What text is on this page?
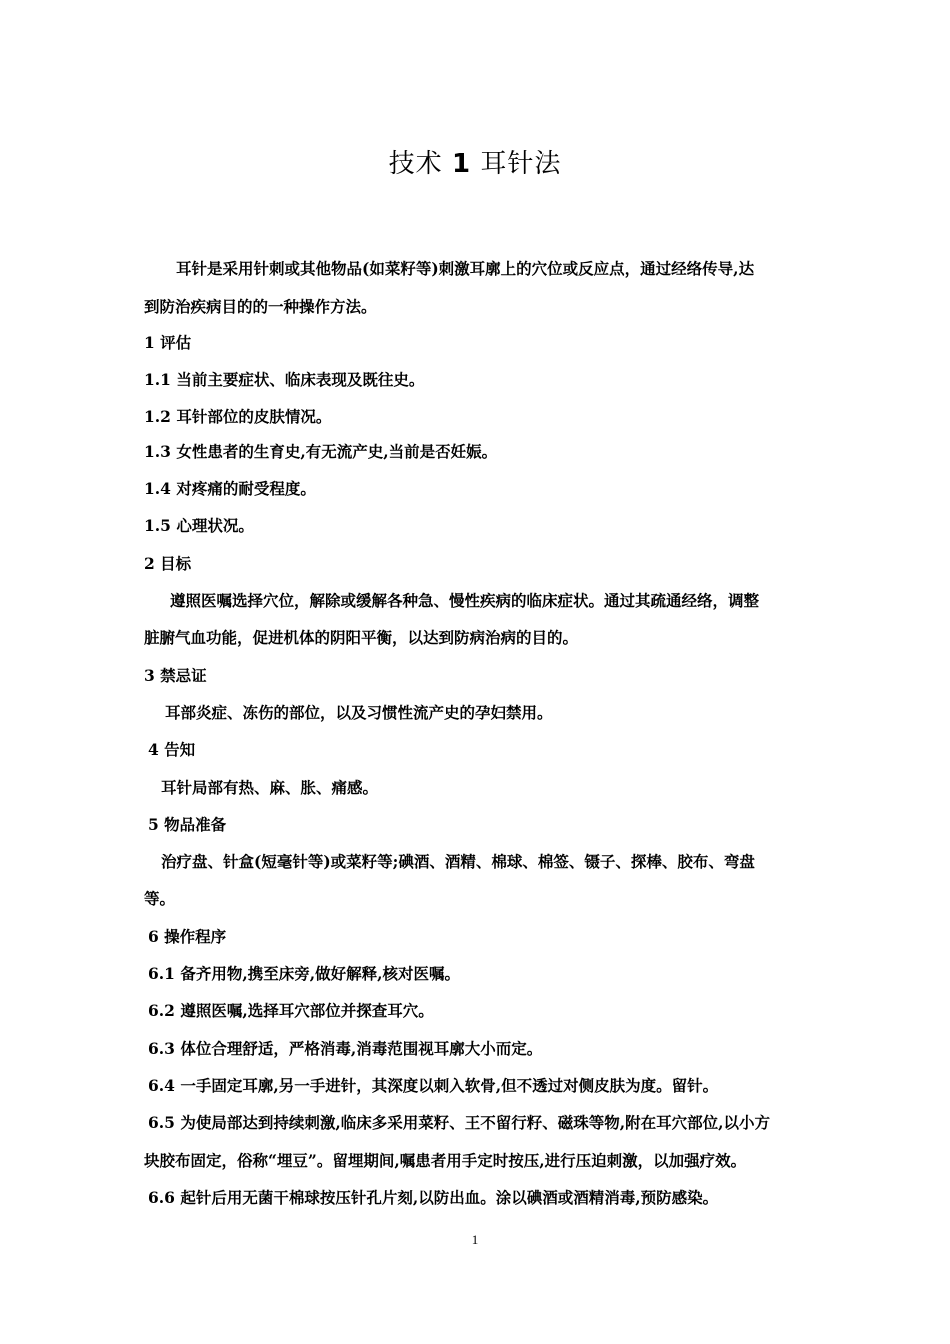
技术 1 耳针法
耳针是采用针刺或其他物品(如菜籽等)刺激耳廓上的穴位或反应点，通过经络传导,达
到防治疾病目的的一种操作方法。
1 评估
1.1 当前主要症状、临床表现及既往史。
1.2 耳针部位的皮肤情况。
1.3 女性患者的生育史,有无流产史,当前是否妊娠。
1.4 对疼痛的耐受程度。
1.5 心理状况。
2 目标
遵照医嘱选择穴位，解除或缓解各种急、慢性疾病的临床症状。通过其疏通经络，调整
脏腑气血功能，促进机体的阴阳平衡，以达到防病治病的目的。
3 禁忌证
耳部炎症、冻伤的部位，以及习惯性流产史的孕妇禁用。
4 告知
耳针局部有热、麻、胀、痛感。
5 物品准备
治疗盘、针盒(短毫针等)或菜籽等;碘酒、酒精、棉球、棉签、镊子、探棒、胶布、弯盘
等。
6 操作程序
6.1 备齐用物,携至床旁,做好解释,核对医嘱。
6.2 遵照医嘱,选择耳穴部位并探查耳穴。
6.3 体位合理舒适，严格消毒,消毒范围视耳廓大小而定。
6.4 一手固定耳廓,另一手进针，其深度以刺入软骨,但不透过对侧皮肤为度。留针。
6.5 为使局部达到持续刺激,临床多采用菜籽、王不留行籽、磁珠等物,附在耳穴部位,以小方
块胶布固定，俗称“埋豆”。留埋期间,嘱患者用手定时按压,进行压迫刺激，以加强疗效。
6.6 起针后用无菌干棉球按压针孔片刻,以防出血。涂以碘酒或酒精消毒,预防感染。
1
